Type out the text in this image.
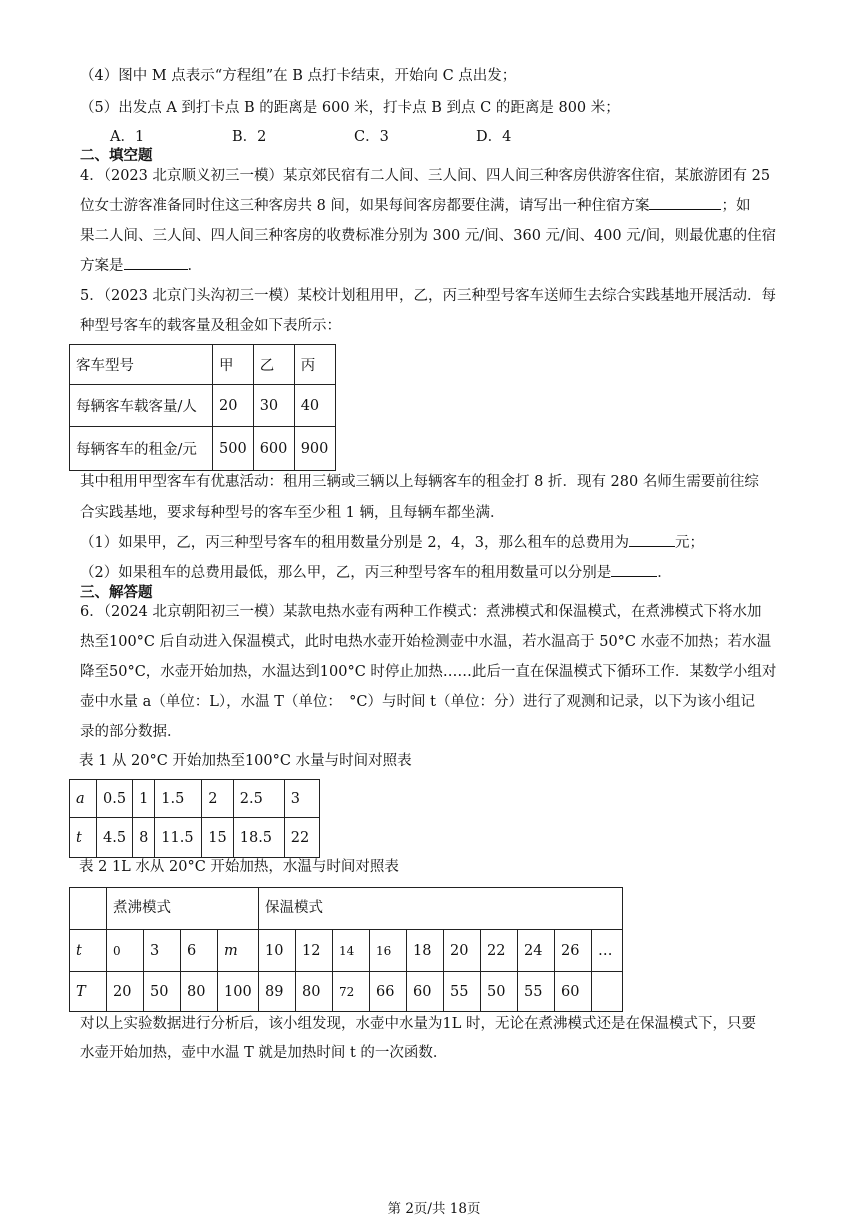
（4）图中 M 点表示“方程组”在 B 点打卡结束，开始向 C 点出发；
（5）出发点 A 到打卡点 B 的距离是 600 米，打卡点 B 到点 C 的距离是 800 米；
A．1	B．2	C．3	D．4
二、填空题
4．（2023 北京顺义初三一模）某京郊民宿有二人间、三人间、四人间三种客房供游客住宿，某旅游团有 25
位女士游客准备同时住这三种客房共 8 间，如果每间客房都要住满，请写出一种住宿方案	；如
果二人间、三人间、四人间三种客房的收费标准分别为 300 元/间、360 元/间、400 元/间，则最优惠的住宿
方案是	．
5．（2023 北京门头沟初三一模）某校计划租用甲，乙，丙三种型号客车送师生去综合实践基地开展活动．每
种型号客车的载客量及租金如下表所示：
客车型号	甲	乙	丙
每辆客车载客量/人	20	30	40
每辆客车的租金/元	500	600	900
其中租用甲型客车有优惠活动：租用三辆或三辆以上每辆客车的租金打 8 折．现有 280 名师生需要前往综
合实践基地，要求每种型号的客车至少租 1 辆，且每辆车都坐满．
（1）如果甲，乙，丙三种型号客车的租用数量分别是 2，4，3，那么租车的总费用为	元；
（2）如果租车的总费用最低，那么甲，乙，丙三种型号客车的租用数量可以分别是	．
三、解答题
6．（2024 北京朝阳初三一模）某款电热水壶有两种工作模式：煮沸模式和保温模式，在煮沸模式下将水加
热至100°C 后自动进入保温模式，此时电热水壶开始检测壶中水温，若水温高于 50°C 水壶不加热；若水温
降至50°C，水壶开始加热，水温达到100°C 时停止加热……此后一直在保温模式下循环工作．某数学小组对
壶中水量 a（单位：L），水温 T（单位：　°C）与时间 t（单位：分）进行了观测和记录，以下为该小组记
录的部分数据．
表 1 从 20°C 开始加热至100°C 水量与时间对照表
a	0.5	1	1.5	2	2.5	3
t	4.5	8	11.5	15	18.5	22
表 2 1L 水从 20°C 开始加热，水温与时间对照表
	煮沸模式				保温模式									
t	0	3	6	m	10	12	14	16	18	20	22	24	26	…
T	20	50	80	100	89	80	72	66	60	55	50	55	60	
对以上实验数据进行分析后，该小组发现，水壶中水量为1L 时，无论在煮沸模式还是在保温模式下，只要
水壶开始加热，壶中水温 T 就是加热时间 t 的一次函数．
第 2页/共 18页
